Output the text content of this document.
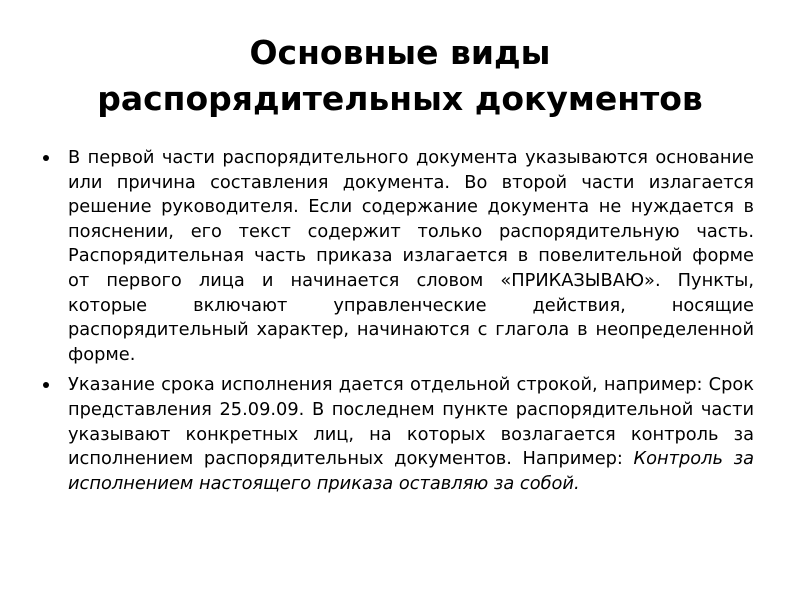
Основные виды
распорядительных документов
В первой части распорядительного документа указываются основание или причина составления документа. Во второй части излагается решение руководителя. Если содержание документа не нуждается в пояснении, его текст содержит только распорядительную часть. Распорядительная часть приказа излагается в повелительной форме от первого лица и начинается словом «ПРИКАЗЫВАЮ». Пункты, которые включают управленческие действия, носящие распорядительный характер, начинаются с глагола в неопределенной форме.
Указание срока исполнения дается отдельной строкой, например: Срок представления 25.09.09. В последнем пункте распорядительной части указывают конкретных лиц, на которых возлагается контроль за исполнением распорядительных документов. Например: Контроль за исполнением настоящего приказа оставляю за собой.
